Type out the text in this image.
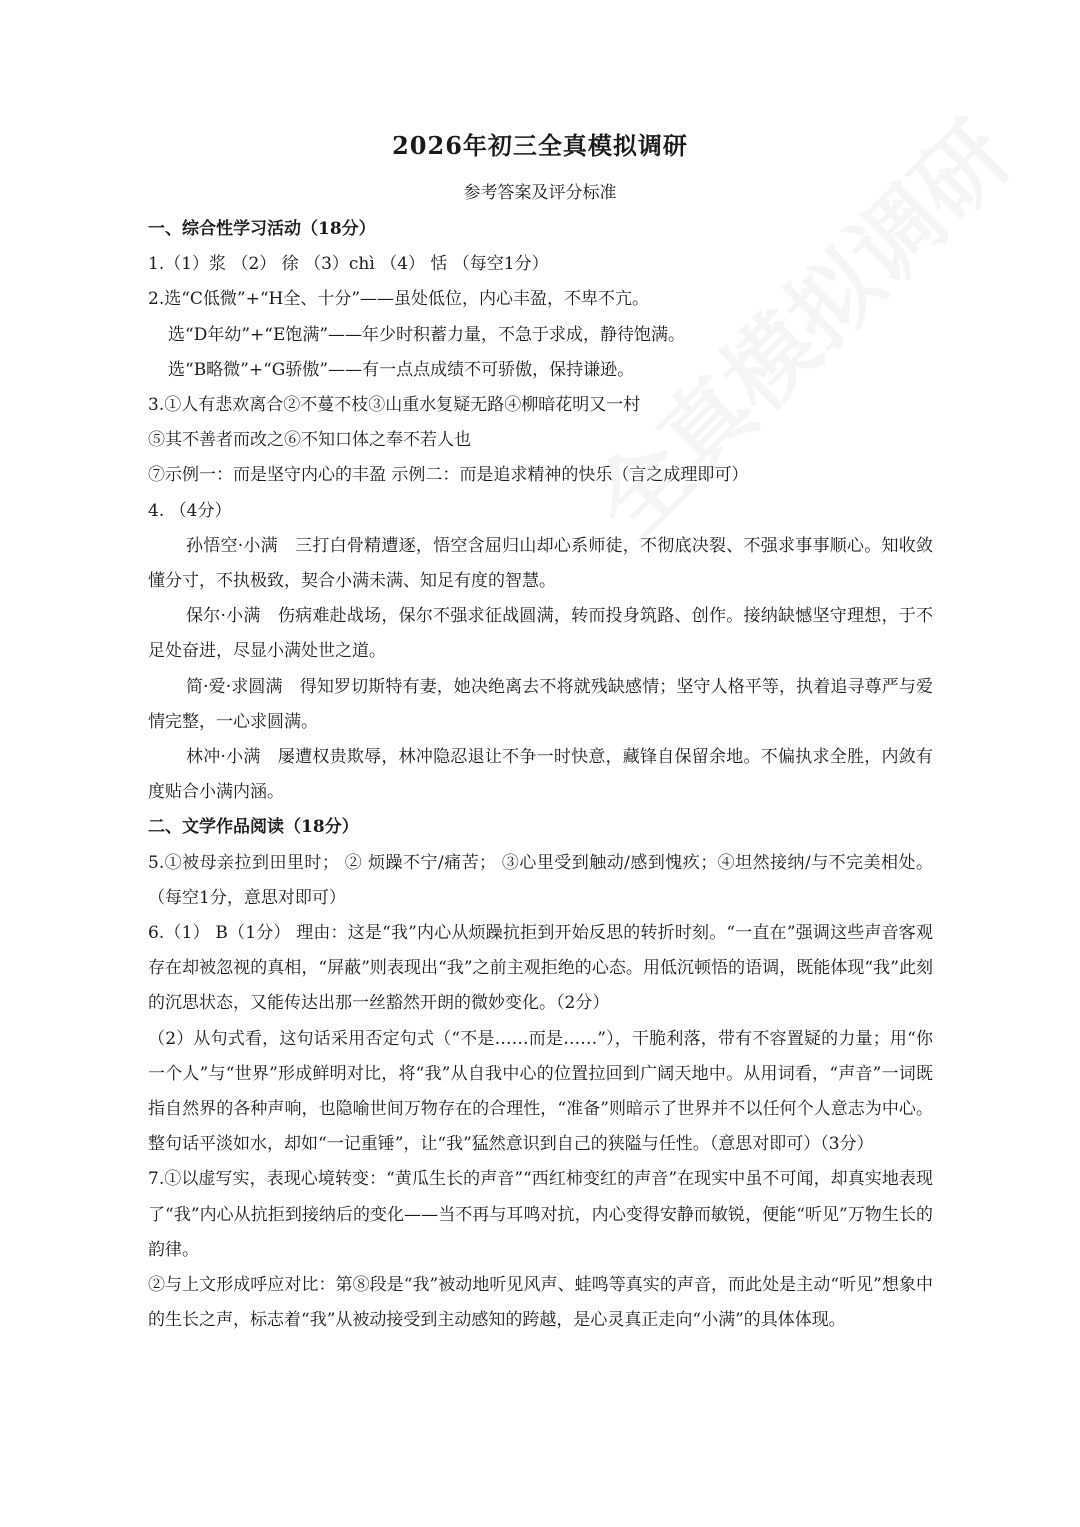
2026年初三全真模拟调研

参考答案及评分标准

一、综合性学习活动（18分）

1.（1）浆 （2） 徐 （3）chì （4） 恬 （每空1分）

2.选“C低微”+“H全、十分”——虽处低位，内心丰盈，不卑不亢。

选“D年幼”+“E饱满”——年少时积蓄力量，不急于求成，静待饱满。

选“B略微”+“G骄傲”——有一点点成绩不可骄傲，保持谦逊。

3.①人有悲欢离合②不蔓不枝③山重水复疑无路④柳暗花明又一村

⑤其不善者而改之⑥不知口体之奉不若人也

⑦示例一：而是坚守内心的丰盈 示例二：而是追求精神的快乐（言之成理即可）

4. （4分）

孙悟空·小满　三打白骨精遭逐，悟空含屈归山却心系师徒，不彻底决裂、不强求事事顺心。知收敛懂分寸，不执极致，契合小满未满、知足有度的智慧。

保尔·小满　伤病难赴战场，保尔不强求征战圆满，转而投身筑路、创作。接纳缺憾坚守理想，于不足处奋进，尽显小满处世之道。

简·爱·求圆满　得知罗切斯特有妻，她决绝离去不将就残缺感情；坚守人格平等，执着追寻尊严与爱情完整，一心求圆满。

林冲·小满　屡遭权贵欺辱，林冲隐忍退让不争一时快意，藏锋自保留余地。不偏执求全胜，内敛有度贴合小满内涵。

二、文学作品阅读（18分）

5.①被母亲拉到田里时； ② 烦躁不宁/痛苦； ③心里受到触动/感到愧疚；④坦然接纳/与不完美相处。（每空1分，意思对即可）

6.（1） B（1分） 理由：这是“我”内心从烦躁抗拒到开始反思的转折时刻。“一直在”强调这些声音客观存在却被忽视的真相，“屏蔽”则表现出“我”之前主观拒绝的心态。用低沉顿悟的语调，既能体现“我”此刻的沉思状态，又能传达出那一丝豁然开朗的微妙变化。（2分）

（2）从句式看，这句话采用否定句式（“不是……而是……”），干脆利落，带有不容置疑的力量；用“你一个人”与“世界”形成鲜明对比，将“我”从自我中心的位置拉回到广阔天地中。从用词看，“声音”一词既指自然界的各种声响，也隐喻世间万物存在的合理性，“准备”则暗示了世界并不以任何个人意志为中心。整句话平淡如水，却如“一记重锤”，让“我”猛然意识到自己的狭隘与任性。（意思对即可）（3分）

7.①以虚写实，表现心境转变：“黄瓜生长的声音”“西红柿变红的声音”在现实中虽不可闻，却真实地表现了“我”内心从抗拒到接纳后的变化——当不再与耳鸣对抗，内心变得安静而敏锐，便能“听见”万物生长的韵律。

②与上文形成呼应对比：第⑧段是“我”被动地听见风声、蛙鸣等真实的声音，而此处是主动“听见”想象中的生长之声，标志着“我”从被动接受到主动感知的跨越，是心灵真正走向“小满”的具体体现。
